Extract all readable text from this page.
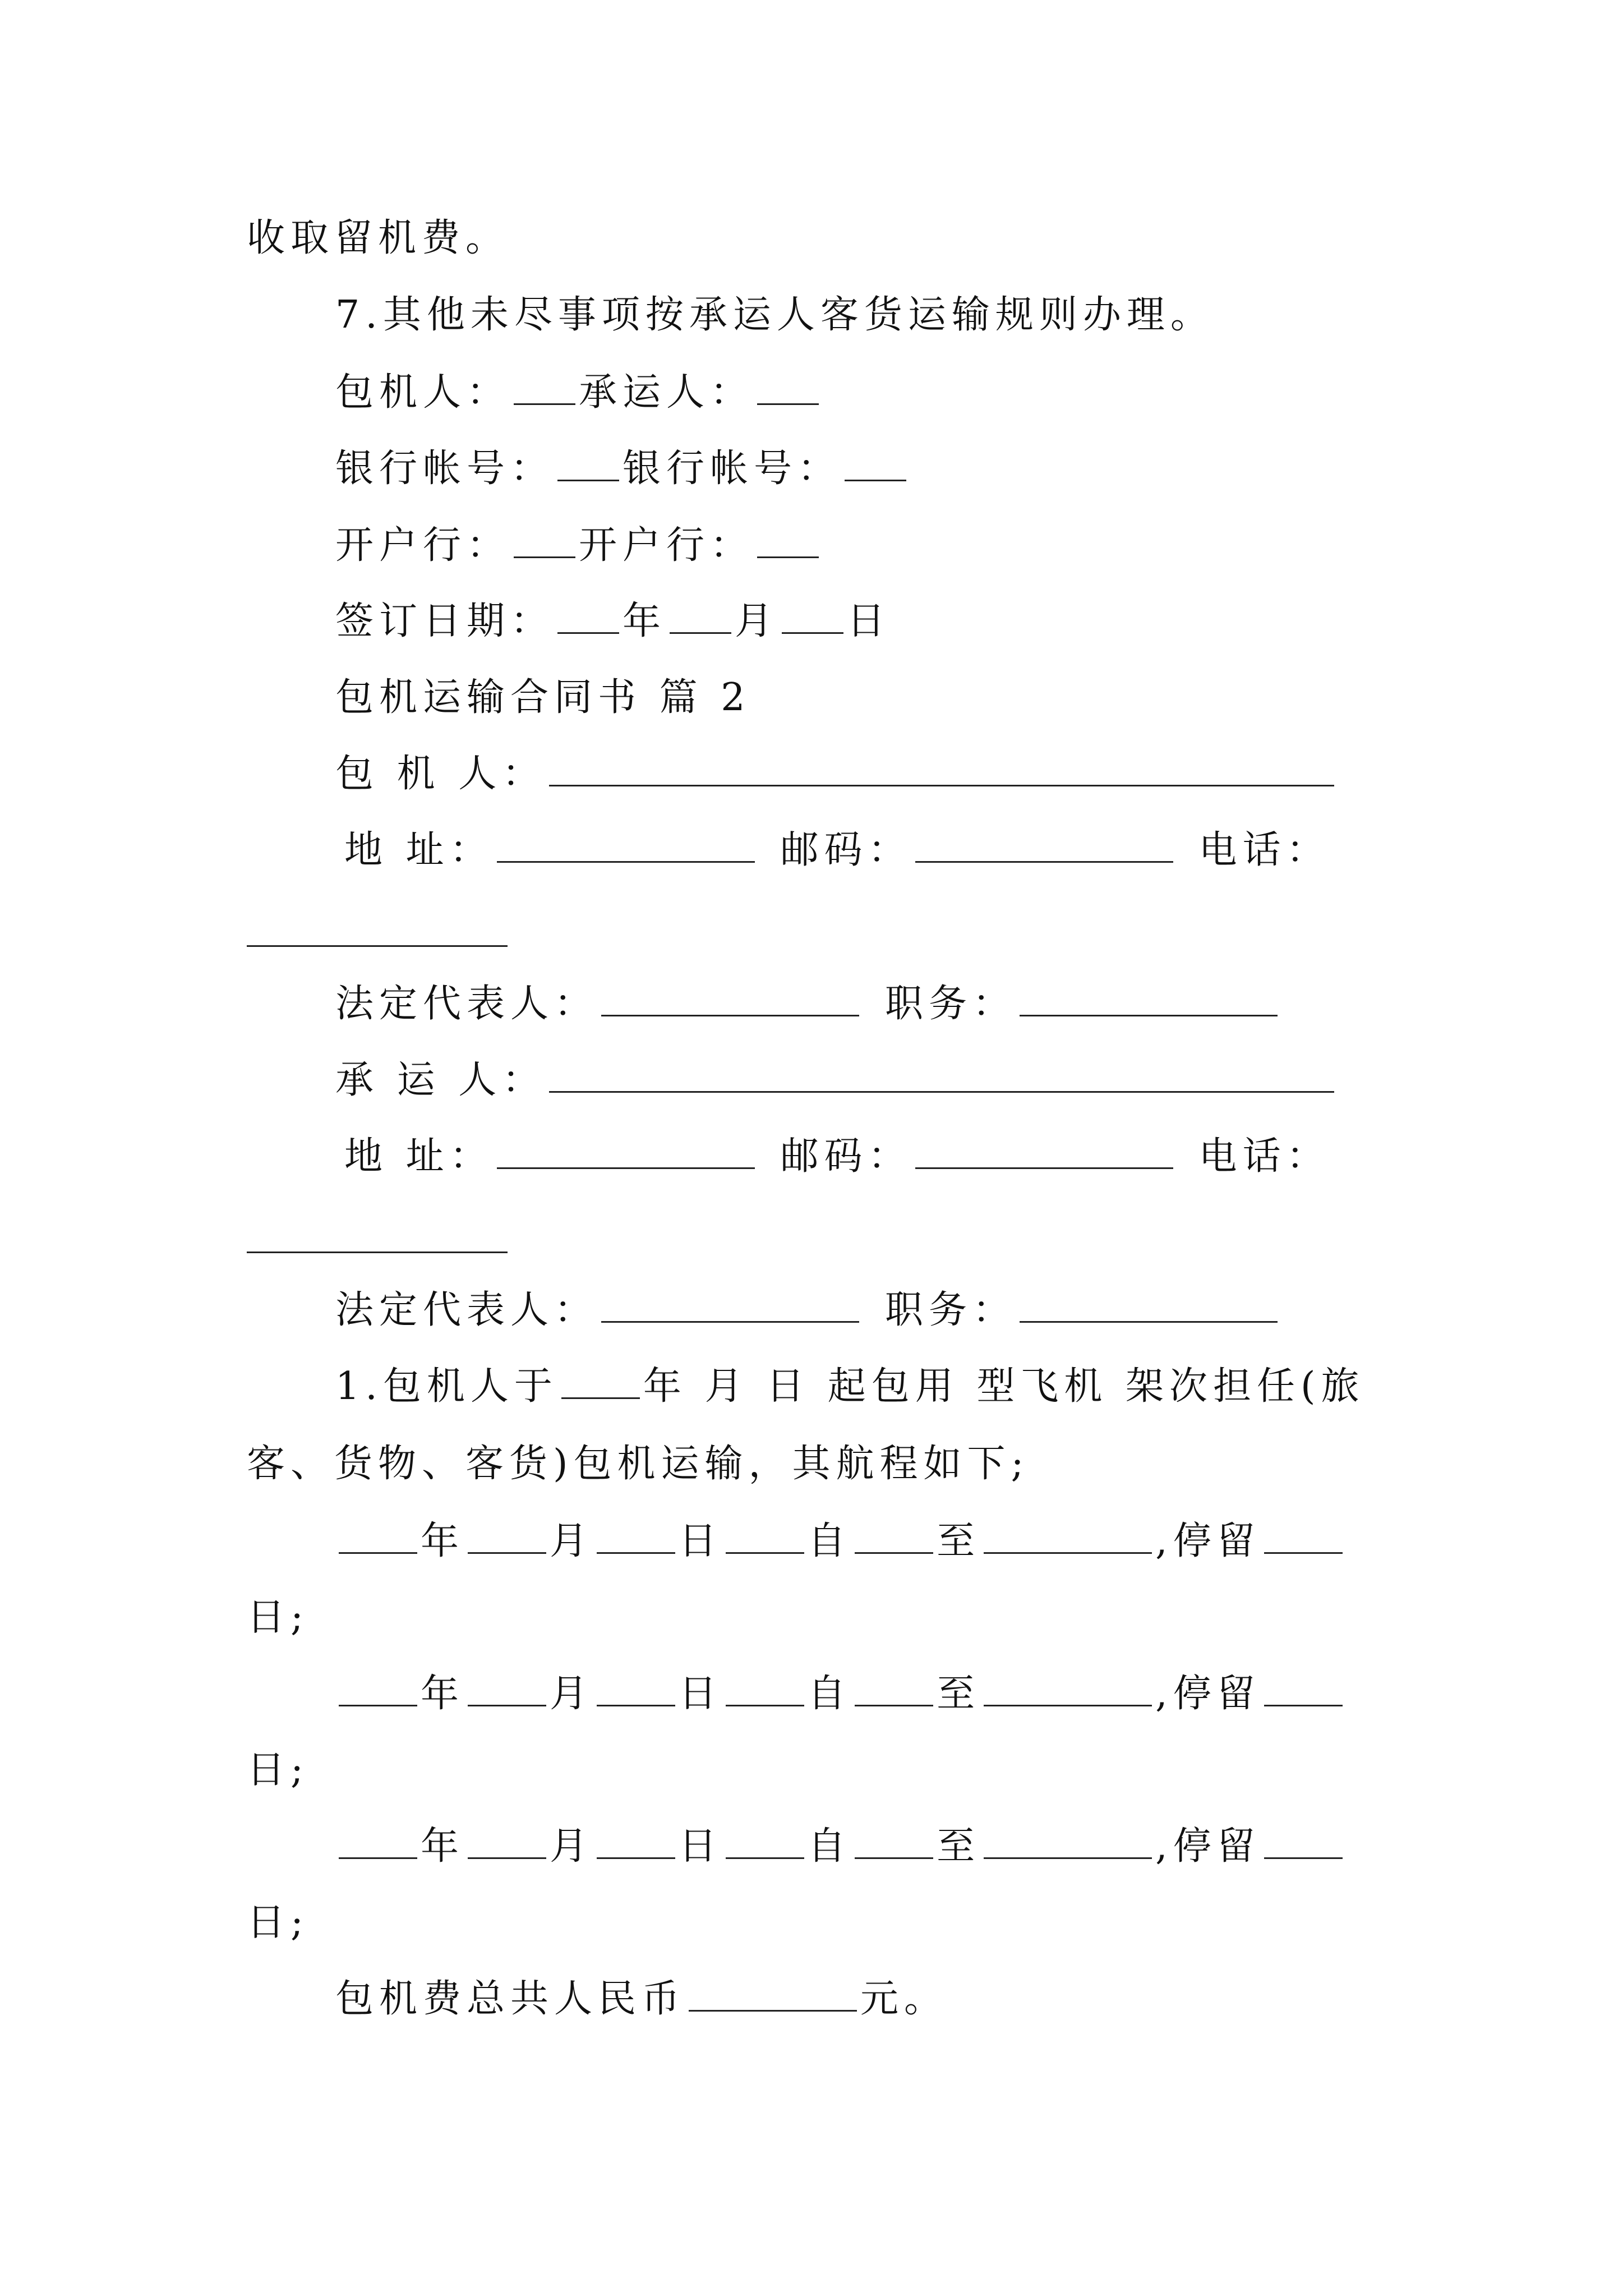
收取留机费。
7.其他未尽事项按承运人客货运输规则办理。
包机人： 承运人：
银行帐号： 银行帐号：
开户行： 开户行：
签订日期： 年 月 日
包机运输合同书 篇 2
包 机 人：
地 址：	邮码：	电话：
法定代表人：	职务：
承 运 人：
地 址：	邮码：	电话：
法定代表人：	职务：
1.包机人于 年 月 日 起包用 型飞机 架次担任(旅
客、货物、客货)包机运输，其航程如下;
年 月 日 自 至	,停留
日;
年 月 日 自 至	,停留
日;
年 月 日 自 至	,停留
日;
包机费总共人民币	元。
